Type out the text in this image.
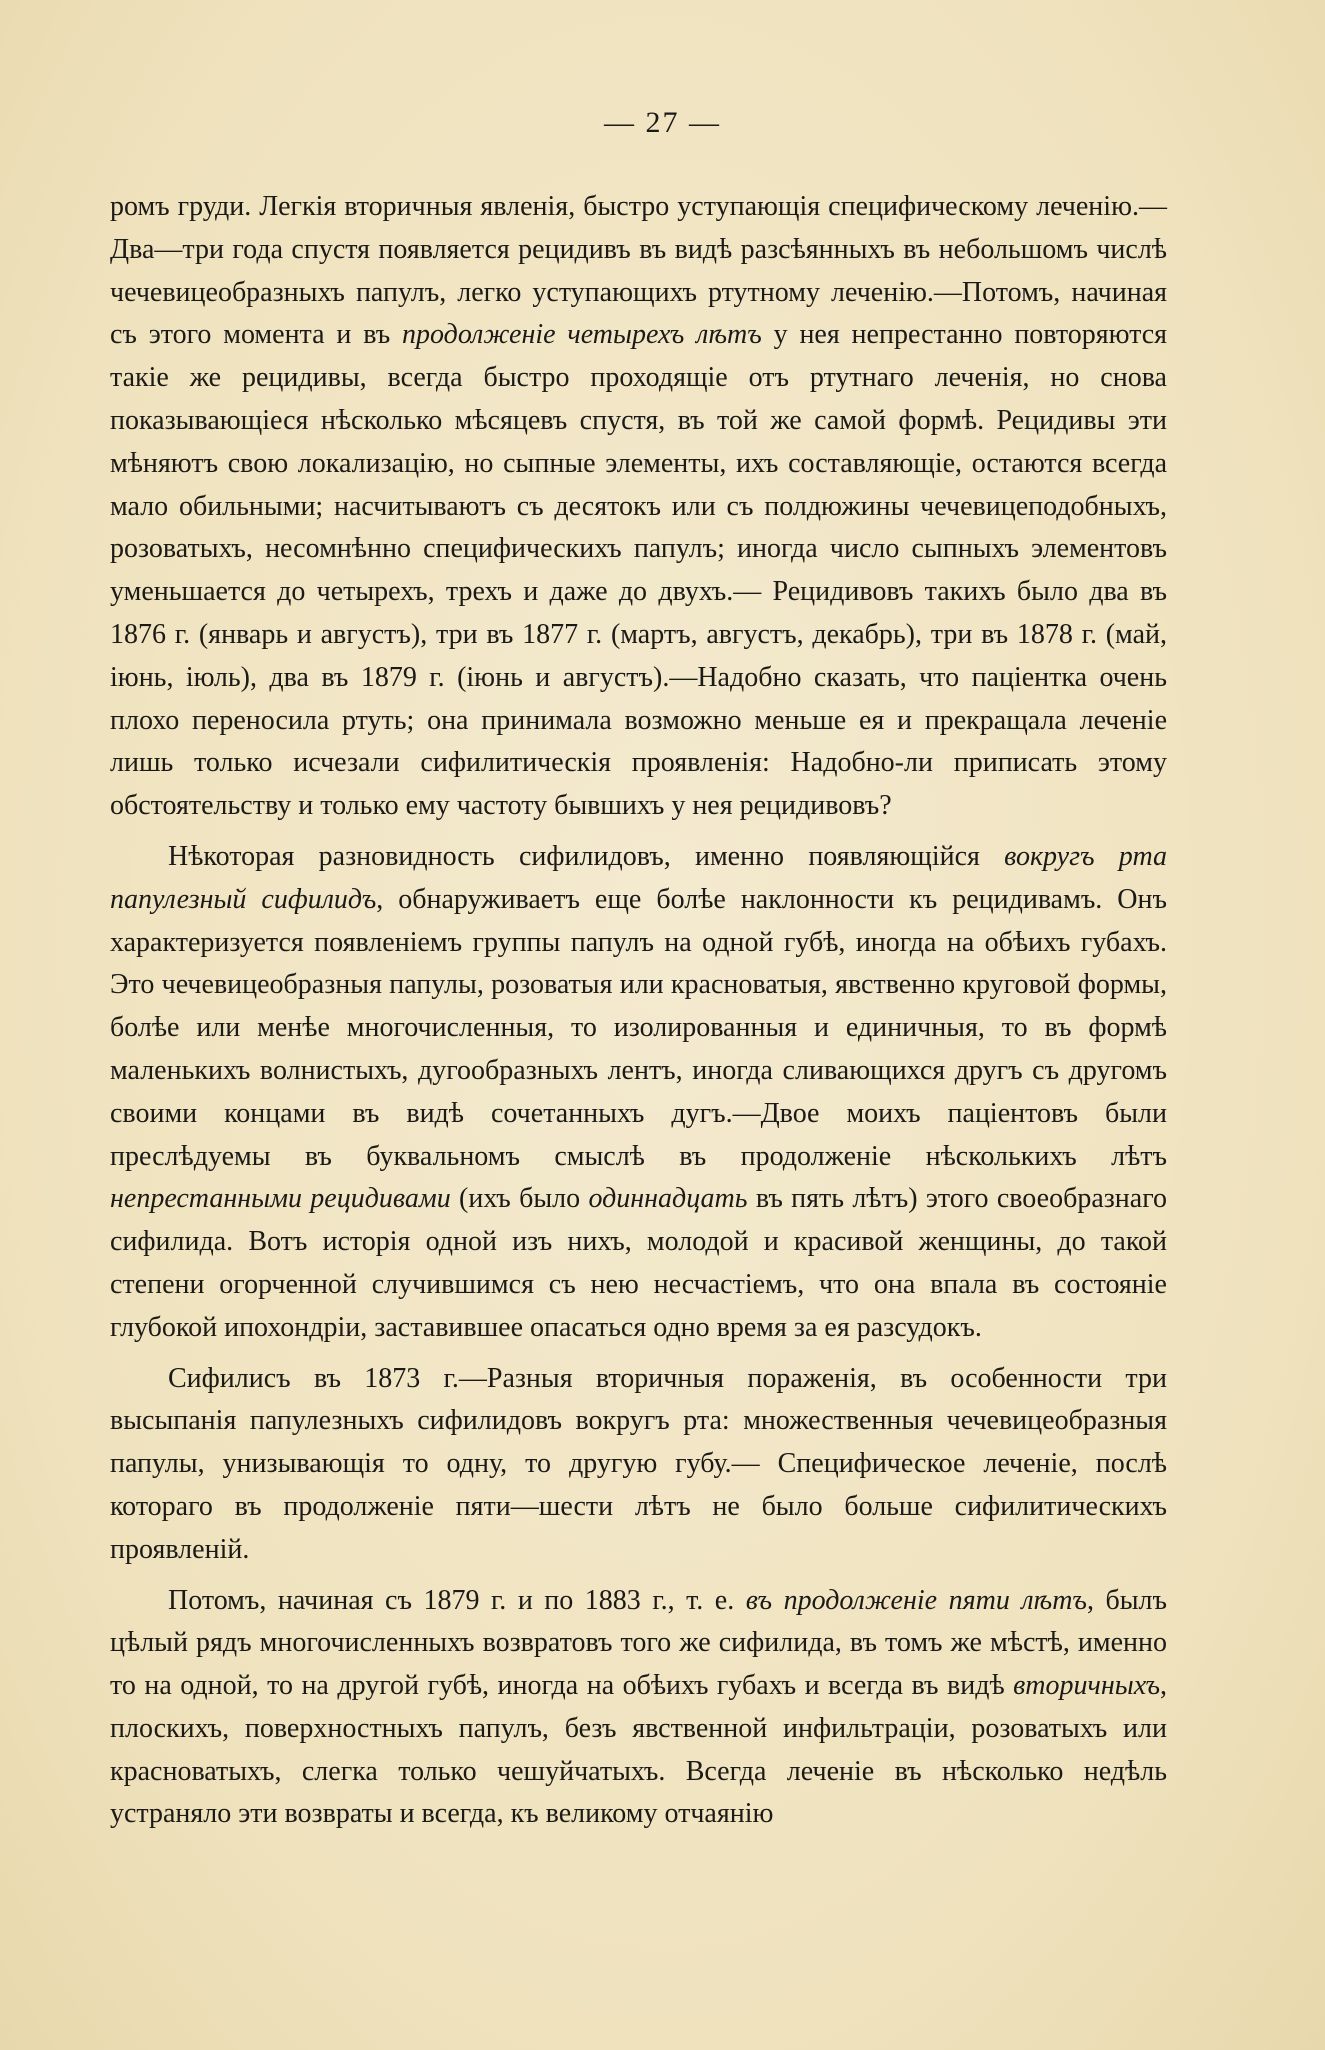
— 27 —

ромъ груди. Легкія вторичныя явленія, быстро уступающія специфическому леченію.—Два—три года спустя появляется рецидивъ въ видѣ разсѣянныхъ въ небольшомъ числѣ чечевицеобразныхъ папулъ, легко уступающихъ ртутному леченію.—Потомъ, начиная съ этого момента и въ продолженіе четырехъ лѣтъ у нея непрестанно повторяются такіе же рецидивы, всегда быстро проходящіе отъ ртутнаго леченія, но снова показывающіеся нѣсколько мѣсяцевъ спустя, въ той же самой формѣ. Рецидивы эти мѣняютъ свою локализацію, но сыпные элементы, ихъ составляющіе, остаются всегда мало обильными; насчитываютъ съ десятокъ или съ полдюжины чечевицеподобныхъ, розоватыхъ, несомнѣнно специфическихъ папулъ; иногда число сыпныхъ элементовъ уменьшается до четырехъ, трехъ и даже до двухъ.— Рецидивовъ такихъ было два въ 1876 г. (январь и августъ), три въ 1877 г. (мартъ, августъ, декабрь), три въ 1878 г. (май, іюнь, іюль), два въ 1879 г. (іюнь и августъ).—Надобно сказать, что паціентка очень плохо переносила ртуть; она принимала возможно меньше ея и прекращала леченіе лишь только исчезали сифилитическія проявленія: Надобно-ли приписать этому обстоятельству и только ему частоту бывшихъ у нея рецидивовъ?

Нѣкоторая разновидность сифилидовъ, именно появляющійся вокругъ рта папулезный сифилидъ, обнаруживаетъ еще болѣе наклонности къ рецидивамъ. Онъ характеризуется появленіемъ группы папулъ на одной губѣ, иногда на обѣихъ губахъ. Это чечевицеобразныя папулы, розоватыя или красноватыя, явственно круговой формы, болѣе или менѣе многочисленныя, то изолированныя и единичныя, то въ формѣ маленькихъ волнистыхъ, дугообразныхъ лентъ, иногда сливающихся другъ съ другомъ своими концами въ видѣ сочетанныхъ дугъ.—Двое моихъ паціентовъ были преслѣдуемы въ буквальномъ смыслѣ въ продолженіе нѣсколькихъ лѣтъ непрестанными рецидивами (ихъ было одиннадцать въ пять лѣтъ) этого своеобразнаго сифилида. Вотъ исторія одной изъ нихъ, молодой и красивой женщины, до такой степени огорченной случившимся съ нею несчастіемъ, что она впала въ состояніе глубокой ипохондріи, заставившее опасаться одно время за ея разсудокъ.

Сифилисъ въ 1873 г.—Разныя вторичныя пораженія, въ особенности три высыпанія папулезныхъ сифилидовъ вокругъ рта: множественныя чечевицеобразныя папулы, унизывающія то одну, то другую губу.— Специфическое леченіе, послѣ котораго въ продолженіе пяти—шести лѣтъ не было больше сифилитическихъ проявленій.

Потомъ, начиная съ 1879 г. и по 1883 г., т. е. въ продолженіе пяти лѣтъ, былъ цѣлый рядъ многочисленныхъ возвратовъ того же сифилида, въ томъ же мѣстѣ, именно то на одной, то на другой губѣ, иногда на обѣихъ губахъ и всегда въ видѣ вторичныхъ, плоскихъ, поверхностныхъ папулъ, безъ явственной инфильтраціи, розоватыхъ или красноватыхъ, слегка только чешуйчатыхъ. Всегда леченіе въ нѣсколько недѣль устраняло эти возвраты и всегда, къ великому отчаянію
